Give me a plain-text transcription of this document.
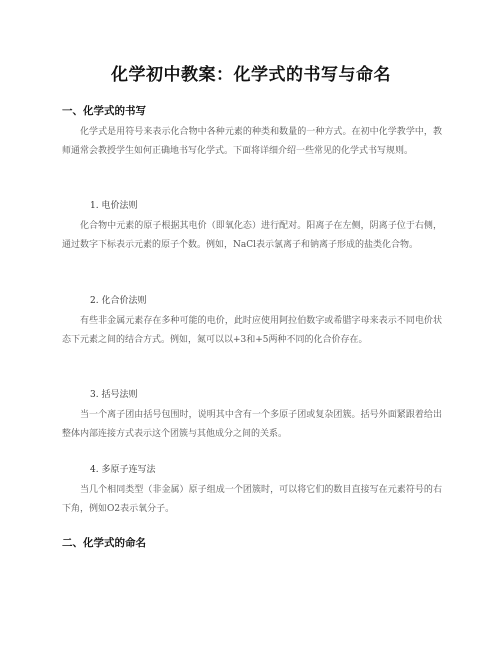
化学初中教案：化学式的书写与命名
一、化学式的书写

化学式是用符号来表示化合物中各种元素的种类和数量的一种方式。在初中化学教学中，教师通常会教授学生如何正确地书写化学式。下面将详细介绍一些常见的化学式书写规则。

1. 电价法则

化合物中元素的原子根据其电价（即氧化态）进行配对。阳离子在左侧，阴离子位于右侧，通过数字下标表示元素的原子个数。例如，NaCl表示氯离子和钠离子形成的盐类化合物。

2. 化合价法则

有些非金属元素存在多种可能的电价，此时应使用阿拉伯数字或希腊字母来表示不同电价状态下元素之间的结合方式。例如，氮可以以+3和+5两种不同的化合价存在。

3. 括号法则

当一个离子团由括号包围时，说明其中含有一个多原子团或复杂团簇。括号外面紧跟着给出整体内部连接方式表示这个团簇与其他成分之间的关系。

4. 多原子连写法

当几个相同类型（非金属）原子组成一个团簇时，可以将它们的数目直接写在元素符号的右下角，例如O2表示氧分子。

二、化学式的命名
